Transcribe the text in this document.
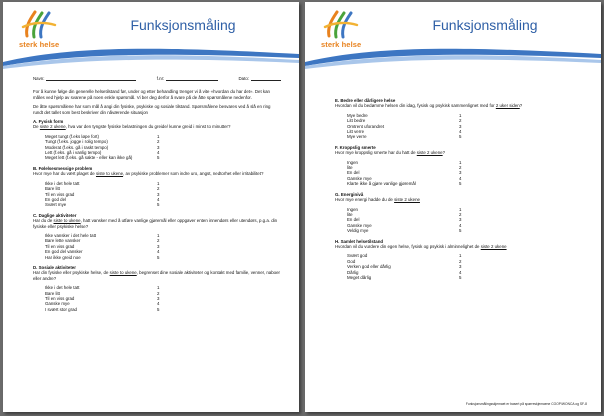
sterk helse
Funksjonsmåling
Navn:	f.nr:	Dato:

For å kunne følge din generelle helsetilstand før, under og etter behandling trenger vi å vite «hvordan du har det». Det kan måles ved hjelp av svarene på noen enkle spørsmål. Vi ber deg derfor å svare på de åtte spørsmålene nedenfor.

De åtte spørsmålene har som mål å angi din fysiske, psykiske og sosiale tilstand. Spørsmålene besvares ved å slå en ring rundt det tallet som best beskriver din nåværende situasjon

A. Fysisk form
De siste 2 ukene, hva var den tyngste fysiske belastningen du greide/ kunne greid i minst to minutter?
Meget tungt (f.eks løpe fort)	1
Tungt (f.eks. jogge i rolig tempo)	2
Moderat (f.eks. gå i raskt tempo)	3
Lett (f.eks. gå i vanlig tempo)	4
Meget lett (f.eks. gå sakte - eller kan ikke gå)	5
B. Følelsesmessige problem
Hvor mye har du vært plaget de siste to ukene, av psykiske problemer som indre uro, angst, nedtorhet eller irritabilitet?
Ikke i det hele tatt	1
Bare litt	2
Til en viss grad	3
En god del	4
Svært mye	5
C. Daglige aktiviteter
Har du de siste to ukene, hatt vansker med å utføre vanlige gjøremål eller oppgaver enten innendørs eller utendørs, p.g.a. din fysiske eller psykiske helse?
Ikke vansker i det hele tatt	1
Bare lette vansker	2
Til en viss grad	3
En god del vansker	4
Har ikke greid noe	5
D. Sosiale aktiviteter
Har din fysiske eller psykiske helse, de siste to ukene, begrenset dine sosiale aktiviteter og kontakt med familie, venner, naboer eller andre?
Ikke i det hele tatt	1
Bare litt	2
Til en viss grad	3
Ganske mye	4
I svært stor grad	5
sterk helse
Funksjonsmåling
E. Bedre eller dårligere helse
Hvordan vil du bedømme helsen din idag, fysisk og psykisk sammenlignet med for 2 uker siden?
Mye bedre	1
Litt bedre	2
Omtrent uforandret	3
Litt verre	4
Mye verre	5
F. Kroppslig smerte
Hvor mye kroppslig smerte har du hatt de siste 2 ukene?
Ingen	1
lite	2
En del	3
Ganske mye	4
Klarte ikke å gjøre vanlige gjøremål	5
G. Energinivå
Hvor mye energi hadde du de siste 2 ukene
Ingen	1
lite	2
En del	3
Ganske mye	4
Veldig mye	5
H. Samlet helsetilstand
Hvordan vil du vurdere din egen helse, fysisk og psykisk i alminnelighet de siste 2 ukene
Svært god	1
God	2
Verken god eller dårlig	3
Dårlig	4
Meget dårlig	5
Funksjonsmålingsskjemaet er basert på spørreskjemaene COOP/WONCA og SF-8
